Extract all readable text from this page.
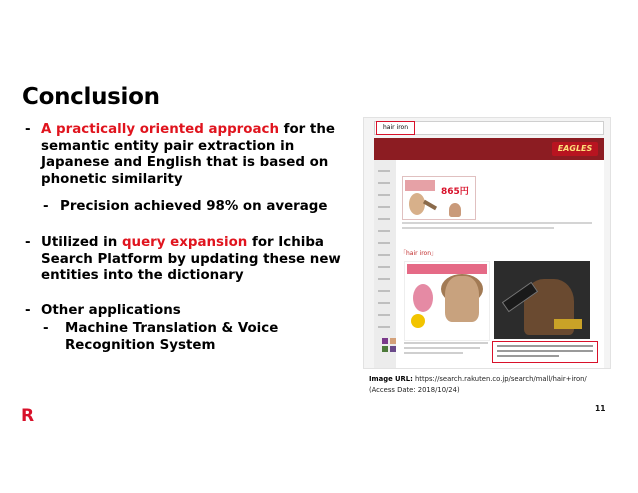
Conclusion
- A practically oriented approach for the semantic entity pair extraction in Japanese and English that is based on phonetic similarity
- Precision achieved 98% on average
- Utilized in query expansion for Ichiba Search Platform by updating these new entities into the dictionary
- Other applications
- Machine Translation & Voice Recognition System
hair iron
EAGLES
865円
「hair iron」
Image URL: https://search.rakuten.co.jp/search/mall/hair+iron/ (Access Date: 2018/10/24)
R	11
